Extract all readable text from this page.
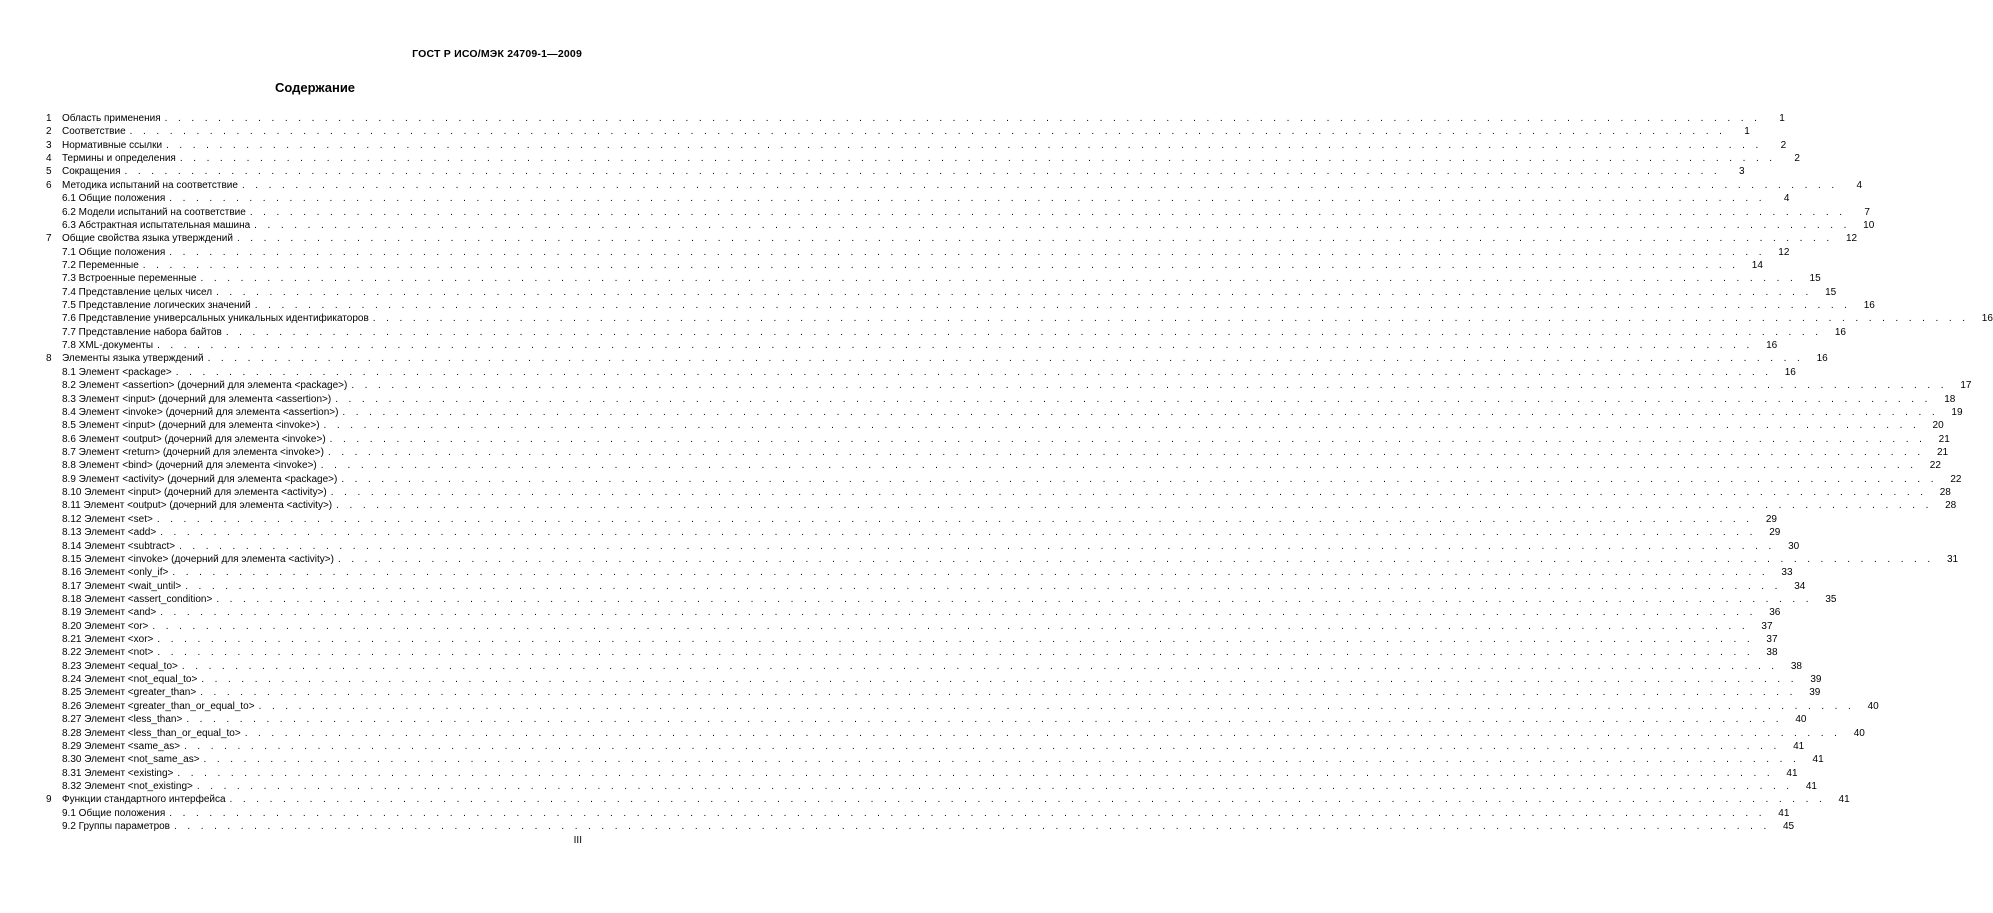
ГОСТ Р ИСО/МЭК 24709-1—2009
Содержание
1	Область применения . . . . . . . . . . . . . . . . . . . . . . . . . . . . . . . . . . . . . . . . . . . . . . . . . . . . . . . . . . . . . . . . . . . . . . . . . . . . . . . . . . . . . . . . . . . . . . . . . . . . . . . . . . . . . . . . . . . . . . . .	1
2	Соответствие . . . . . . . . . . . . . . . . . . . . . . . . . . . . . . . . . . . . . . . . . . . . . . . . . . . . . . . . . . . . . . . . . . . . . . . . . . . . . . . . . . . . . . . . . . . . . . . . . . . . . . . . . . . . . . . . . . . . . . . .	1
3	Нормативные ссылки . . . . . . . . . . . . . . . . . . . . . . . . . . . . . . . . . . . . . . . . . . . . . . . . . . . . . . . . . . . . . . . . . . . . . . . . . . . . . . . . . . . . . . . . . . . . . . . . . . . . . . . . . . . . . . . . . . . . . . . .	2
4	Термины и определения . . . . . . . . . . . . . . . . . . . . . . . . . . . . . . . . . . . . . . . . . . . . . . . . . . . . . . . . . . . . . . . . . . . . . . . . . . . . . . . . . . . . . . . . . . . . . . . . . . . . . . . . . . . . . . . . . . . . . . . .	2
5	Сокращения . . . . . . . . . . . . . . . . . . . . . . . . . . . . . . . . . . . . . . . . . . . . . . . . . . . . . . . . . . . . . . . . . . . . . . . . . . . . . . . . . . . . . . . . . . . . . . . . . . . . . . . . . . . . . . . . . . . . . . . .	3
6	Методика испытаний на соответствие . . . . . . . . . . . . . . . . . . . . . . . . . . . . . . . . . . . . . . . . . . . . . . . . . . . . . . . . . . . . . . . . . . . . . . . . . . . . . . . . . . . . . . . . . . . . . . . . . . . . . . . . . . . . . . . . . . . . . . . .	4
6.1 Общие положения . . . . . . . . . . . . . . . . . . . . . . . . . . . . . . . . . . . . . . . . . . . . . . . . . . . . . . . . . . . . . . . . . . . . . . . . . . . . . . . . . . . . . . . . . . . . . . . . . . . . . . . . . . . . . . . . . . . . . . . .	4
6.2 Модели испытаний на соответствие . . . . . . . . . . . . . . . . . . . . . . . . . . . . . . . . . . . . . . . . . . . . . . . . . . . . . . . . . . . . . . . . . . . . . . . . . . . . . . . . . . . . . . . . . . . . . . . . . . . . . . . . . . . . . . . . . . . . . . . .	7
6.3 Абстрактная испытательная машина . . . . . . . . . . . . . . . . . . . . . . . . . . . . . . . . . . . . . . . . . . . . . . . . . . . . . . . . . . . . . . . . . . . . . . . . . . . . . . . . . . . . . . . . . . . . . . . . . . . . . . . . . . . . . . . . . . . . . . . .	10
7	Общие свойства языка утверждений . . . . . . . . . . . . . . . . . . . . . . . . . . . . . . . . . . . . . . . . . . . . . . . . . . . . . . . . . . . . . . . . . . . . . . . . . . . . . . . . . . . . . . . . . . . . . . . . . . . . . . . . . . . . . . . . . . . . . . . .	12
7.1 Общие положения . . . . . . . . . . . . . . . . . . . . . . . . . . . . . . . . . . . . . . . . . . . . . . . . . . . . . . . . . . . . . . . . . . . . . . . . . . . . . . . . . . . . . . . . . . . . . . . . . . . . . . . . . . . . . . . . . . . . . . . .	12
7.2 Переменные . . . . . . . . . . . . . . . . . . . . . . . . . . . . . . . . . . . . . . . . . . . . . . . . . . . . . . . . . . . . . . . . . . . . . . . . . . . . . . . . . . . . . . . . . . . . . . . . . . . . . . . . . . . . . . . . . . . . . . . .	14
7.3 Встроенные переменные . . . . . . . . . . . . . . . . . . . . . . . . . . . . . . . . . . . . . . . . . . . . . . . . . . . . . . . . . . . . . . . . . . . . . . . . . . . . . . . . . . . . . . . . . . . . . . . . . . . . . . . . . . . . . . . . . . . . . . . .	15
7.4 Представление целых чисел . . . . . . . . . . . . . . . . . . . . . . . . . . . . . . . . . . . . . . . . . . . . . . . . . . . . . . . . . . . . . . . . . . . . . . . . . . . . . . . . . . . . . . . . . . . . . . . . . . . . . . . . . . . . . . . . . . . . . . . .	15
7.5 Представление логических значений . . . . . . . . . . . . . . . . . . . . . . . . . . . . . . . . . . . . . . . . . . . . . . . . . . . . . . . . . . . . . . . . . . . . . . . . . . . . . . . . . . . . . . . . . . . . . . . . . . . . . . . . . . . . . . . . . . . . . . . .	16
7.6 Представление универсальных уникальных идентификаторов . . . . . . . . . . . . . . . . . . . . . . . . . . . . . . . . . . . . . . . . . . . . . . . . . . . . . . . . . . . . . . . . . . . . . . . . . . . . . . . . . . . . . . . . . . . . . . . . . . . . . . . . . . . . . . . . . . . . . . . .	16
7.7 Представление набора байтов . . . . . . . . . . . . . . . . . . . . . . . . . . . . . . . . . . . . . . . . . . . . . . . . . . . . . . . . . . . . . . . . . . . . . . . . . . . . . . . . . . . . . . . . . . . . . . . . . . . . . . . . . . . . . . . . . . . . . . . .	16
7.8 XML-документы . . . . . . . . . . . . . . . . . . . . . . . . . . . . . . . . . . . . . . . . . . . . . . . . . . . . . . . . . . . . . . . . . . . . . . . . . . . . . . . . . . . . . . . . . . . . . . . . . . . . . . . . . . . . . . . . . . . . . . . .	16
8	Элементы языка утверждений . . . . . . . . . . . . . . . . . . . . . . . . . . . . . . . . . . . . . . . . . . . . . . . . . . . . . . . . . . . . . . . . . . . . . . . . . . . . . . . . . . . . . . . . . . . . . . . . . . . . . . . . . . . . . . . . . . . . . . . .	16
8.1 Элемент <package> . . . . . . . . . . . . . . . . . . . . . . . . . . . . . . . . . . . . . . . . . . . . . . . . . . . . . . . . . . . . . . . . . . . . . . . . . . . . . . . . . . . . . . . . . . . . . . . . . . . . . . . . . . . . . . . . . . . . . . . .	16
8.2 Элемент <assertion> (дочерний для элемента <package>) . . . . . . . . . . . . . . . . . . . . . . . . . . . . . . . . . . . . . . . . . . . . . . . . . . . . . . . . . . . . . . . . . . . . . . . . . . . . . . . . . . . . . . . . . . . . . . . . . . . . . . . . . . . . . . . . . . . . . . . .	17
8.3 Элемент <input> (дочерний для элемента <assertion>) . . . . . . . . . . . . . . . . . . . . . . . . . . . . . . . . . . . . . . . . . . . . . . . . . . . . . . . . . . . . . . . . . . . . . . . . . . . . . . . . . . . . . . . . . . . . . . . . . . . . . . . . . . . . . . . . . . . . . . . .	18
8.4 Элемент <invoke> (дочерний для элемента <assertion>) . . . . . . . . . . . . . . . . . . . . . . . . . . . . . . . . . . . . . . . . . . . . . . . . . . . . . . . . . . . . . . . . . . . . . . . . . . . . . . . . . . . . . . . . . . . . . . . . . . . . . . . . . . . . . . . . . . . . . . . .	19
8.5 Элемент <input> (дочерний для элемента <invoke>) . . . . . . . . . . . . . . . . . . . . . . . . . . . . . . . . . . . . . . . . . . . . . . . . . . . . . . . . . . . . . . . . . . . . . . . . . . . . . . . . . . . . . . . . . . . . . . . . . . . . . . . . . . . . . . . . . . . . . . . .	20
8.6 Элемент <output> (дочерний для элемента <invoke>) . . . . . . . . . . . . . . . . . . . . . . . . . . . . . . . . . . . . . . . . . . . . . . . . . . . . . . . . . . . . . . . . . . . . . . . . . . . . . . . . . . . . . . . . . . . . . . . . . . . . . . . . . . . . . . . . . . . . . . . .	21
8.7 Элемент <return> (дочерний для элемента <invoke>) . . . . . . . . . . . . . . . . . . . . . . . . . . . . . . . . . . . . . . . . . . . . . . . . . . . . . . . . . . . . . . . . . . . . . . . . . . . . . . . . . . . . . . . . . . . . . . . . . . . . . . . . . . . . . . . . . . . . . . . .	21
8.8 Элемент <bind> (дочерний для элемента <invoke>) . . . . . . . . . . . . . . . . . . . . . . . . . . . . . . . . . . . . . . . . . . . . . . . . . . . . . . . . . . . . . . . . . . . . . . . . . . . . . . . . . . . . . . . . . . . . . . . . . . . . . . . . . . . . . . . . . . . . . . . .	22
8.9 Элемент <activity> (дочерний для элемента <package>) . . . . . . . . . . . . . . . . . . . . . . . . . . . . . . . . . . . . . . . . . . . . . . . . . . . . . . . . . . . . . . . . . . . . . . . . . . . . . . . . . . . . . . . . . . . . . . . . . . . . . . . . . . . . . . . . . . . . . . . .	22
8.10 Элемент <input> (дочерний для элемента <activity>) . . . . . . . . . . . . . . . . . . . . . . . . . . . . . . . . . . . . . . . . . . . . . . . . . . . . . . . . . . . . . . . . . . . . . . . . . . . . . . . . . . . . . . . . . . . . . . . . . . . . . . . . . . . . . . . . . . . . . . . .	28
8.11 Элемент <output> (дочерний для элемента <activity>) . . . . . . . . . . . . . . . . . . . . . . . . . . . . . . . . . . . . . . . . . . . . . . . . . . . . . . . . . . . . . . . . . . . . . . . . . . . . . . . . . . . . . . . . . . . . . . . . . . . . . . . . . . . . . . . . . . . . . . . .	28
8.12 Элемент <set> . . . . . . . . . . . . . . . . . . . . . . . . . . . . . . . . . . . . . . . . . . . . . . . . . . . . . . . . . . . . . . . . . . . . . . . . . . . . . . . . . . . . . . . . . . . . . . . . . . . . . . . . . . . . . . . . . . . . . . . .	29
8.13 Элемент <add> . . . . . . . . . . . . . . . . . . . . . . . . . . . . . . . . . . . . . . . . . . . . . . . . . . . . . . . . . . . . . . . . . . . . . . . . . . . . . . . . . . . . . . . . . . . . . . . . . . . . . . . . . . . . . . . . . . . . . . . .	29
8.14 Элемент <subtract> . . . . . . . . . . . . . . . . . . . . . . . . . . . . . . . . . . . . . . . . . . . . . . . . . . . . . . . . . . . . . . . . . . . . . . . . . . . . . . . . . . . . . . . . . . . . . . . . . . . . . . . . . . . . . . . . . . . . . . . .	30
8.15 Элемент <invoke> (дочерний для элемента <activity>) . . . . . . . . . . . . . . . . . . . . . . . . . . . . . . . . . . . . . . . . . . . . . . . . . . . . . . . . . . . . . . . . . . . . . . . . . . . . . . . . . . . . . . . . . . . . . . . . . . . . . . . . . . . . . . . . . . . . . . . .	31
8.16 Элемент <only_if> . . . . . . . . . . . . . . . . . . . . . . . . . . . . . . . . . . . . . . . . . . . . . . . . . . . . . . . . . . . . . . . . . . . . . . . . . . . . . . . . . . . . . . . . . . . . . . . . . . . . . . . . . . . . . . . . . . . . . . . .	33
8.17 Элемент <wait_until> . . . . . . . . . . . . . . . . . . . . . . . . . . . . . . . . . . . . . . . . . . . . . . . . . . . . . . . . . . . . . . . . . . . . . . . . . . . . . . . . . . . . . . . . . . . . . . . . . . . . . . . . . . . . . . . . . . . . . . . .	34
8.18 Элемент <assert_condition> . . . . . . . . . . . . . . . . . . . . . . . . . . . . . . . . . . . . . . . . . . . . . . . . . . . . . . . . . . . . . . . . . . . . . . . . . . . . . . . . . . . . . . . . . . . . . . . . . . . . . . . . . . . . . . . . . . . . . . . .	35
8.19 Элемент <and> . . . . . . . . . . . . . . . . . . . . . . . . . . . . . . . . . . . . . . . . . . . . . . . . . . . . . . . . . . . . . . . . . . . . . . . . . . . . . . . . . . . . . . . . . . . . . . . . . . . . . . . . . . . . . . . . . . . . . . . .	36
8.20 Элемент <or> . . . . . . . . . . . . . . . . . . . . . . . . . . . . . . . . . . . . . . . . . . . . . . . . . . . . . . . . . . . . . . . . . . . . . . . . . . . . . . . . . . . . . . . . . . . . . . . . . . . . . . . . . . . . . . . . . . . . . . . .	37
8.21 Элемент <xor> . . . . . . . . . . . . . . . . . . . . . . . . . . . . . . . . . . . . . . . . . . . . . . . . . . . . . . . . . . . . . . . . . . . . . . . . . . . . . . . . . . . . . . . . . . . . . . . . . . . . . . . . . . . . . . . . . . . . . . . .	37
8.22 Элемент <not> . . . . . . . . . . . . . . . . . . . . . . . . . . . . . . . . . . . . . . . . . . . . . . . . . . . . . . . . . . . . . . . . . . . . . . . . . . . . . . . . . . . . . . . . . . . . . . . . . . . . . . . . . . . . . . . . . . . . . . . .	38
8.23 Элемент <equal_to> . . . . . . . . . . . . . . . . . . . . . . . . . . . . . . . . . . . . . . . . . . . . . . . . . . . . . . . . . . . . . . . . . . . . . . . . . . . . . . . . . . . . . . . . . . . . . . . . . . . . . . . . . . . . . . . . . . . . . . . .	38
8.24 Элемент <not_equal_to> . . . . . . . . . . . . . . . . . . . . . . . . . . . . . . . . . . . . . . . . . . . . . . . . . . . . . . . . . . . . . . . . . . . . . . . . . . . . . . . . . . . . . . . . . . . . . . . . . . . . . . . . . . . . . . . . . . . . . . . .	39
8.25 Элемент <greater_than> . . . . . . . . . . . . . . . . . . . . . . . . . . . . . . . . . . . . . . . . . . . . . . . . . . . . . . . . . . . . . . . . . . . . . . . . . . . . . . . . . . . . . . . . . . . . . . . . . . . . . . . . . . . . . . . . . . . . . . . .	39
8.26 Элемент <greater_than_or_equal_to> . . . . . . . . . . . . . . . . . . . . . . . . . . . . . . . . . . . . . . . . . . . . . . . . . . . . . . . . . . . . . . . . . . . . . . . . . . . . . . . . . . . . . . . . . . . . . . . . . . . . . . . . . . . . . . . . . . . . . . . .	40
8.27 Элемент <less_than> . . . . . . . . . . . . . . . . . . . . . . . . . . . . . . . . . . . . . . . . . . . . . . . . . . . . . . . . . . . . . . . . . . . . . . . . . . . . . . . . . . . . . . . . . . . . . . . . . . . . . . . . . . . . . . . . . . . . . . . .	40
8.28 Элемент <less_than_or_equal_to> . . . . . . . . . . . . . . . . . . . . . . . . . . . . . . . . . . . . . . . . . . . . . . . . . . . . . . . . . . . . . . . . . . . . . . . . . . . . . . . . . . . . . . . . . . . . . . . . . . . . . . . . . . . . . . . . . . . . . . . .	40
8.29 Элемент <same_as> . . . . . . . . . . . . . . . . . . . . . . . . . . . . . . . . . . . . . . . . . . . . . . . . . . . . . . . . . . . . . . . . . . . . . . . . . . . . . . . . . . . . . . . . . . . . . . . . . . . . . . . . . . . . . . . . . . . . . . . .	41
8.30 Элемент <not_same_as> . . . . . . . . . . . . . . . . . . . . . . . . . . . . . . . . . . . . . . . . . . . . . . . . . . . . . . . . . . . . . . . . . . . . . . . . . . . . . . . . . . . . . . . . . . . . . . . . . . . . . . . . . . . . . . . . . . . . . . . .	41
8.31 Элемент <existing> . . . . . . . . . . . . . . . . . . . . . . . . . . . . . . . . . . . . . . . . . . . . . . . . . . . . . . . . . . . . . . . . . . . . . . . . . . . . . . . . . . . . . . . . . . . . . . . . . . . . . . . . . . . . . . . . . . . . . . . .	41
8.32 Элемент <not_existing> . . . . . . . . . . . . . . . . . . . . . . . . . . . . . . . . . . . . . . . . . . . . . . . . . . . . . . . . . . . . . . . . . . . . . . . . . . . . . . . . . . . . . . . . . . . . . . . . . . . . . . . . . . . . . . . . . . . . . . . .	41
9	Функции стандартного интерфейса . . . . . . . . . . . . . . . . . . . . . . . . . . . . . . . . . . . . . . . . . . . . . . . . . . . . . . . . . . . . . . . . . . . . . . . . . . . . . . . . . . . . . . . . . . . . . . . . . . . . . . . . . . . . . . . . . . . . . . . .	41
9.1 Общие положения . . . . . . . . . . . . . . . . . . . . . . . . . . . . . . . . . . . . . . . . . . . . . . . . . . . . . . . . . . . . . . . . . . . . . . . . . . . . . . . . . . . . . . . . . . . . . . . . . . . . . . . . . . . . . . . . . . . . . . . .	41
9.2 Группы параметров . . . . . . . . . . . . . . . . . . . . . . . . . . . . . . . . . . . . . . . . . . . . . . . . . . . . . . . . . . . . . . . . . . . . . . . . . . . . . . . . . . . . . . . . . . . . . . . . . . . . . . . . . . . . . . . . . . . . . . . .	45
III
